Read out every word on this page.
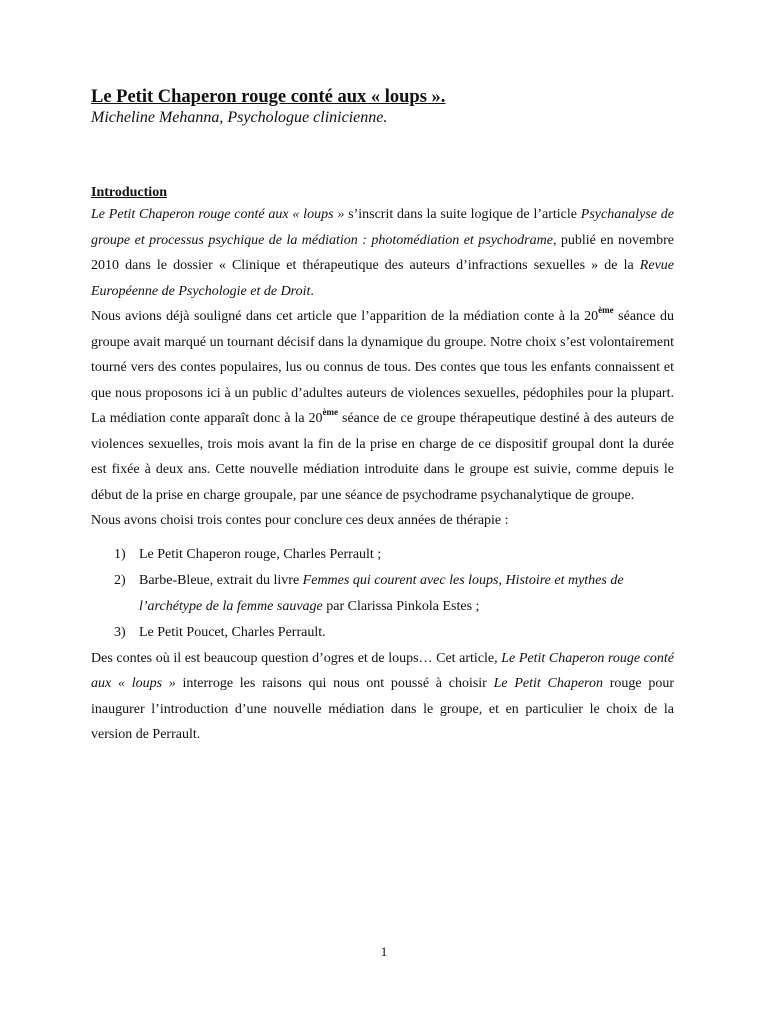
Le Petit Chaperon rouge conté aux « loups ».
Micheline Mehanna, Psychologue clinicienne.
Introduction

Le Petit Chaperon rouge conté aux « loups » s’inscrit dans la suite logique de l’article Psychanalyse de groupe et processus psychique de la médiation : photomédiation et psychodrame, publié en novembre 2010 dans le dossier « Clinique et thérapeutique des auteurs d’infractions sexuelles » de la Revue Européenne de Psychologie et de Droit.

Nous avions déjà souligné dans cet article que l’apparition de la médiation conte à la 20ème séance du groupe avait marqué un tournant décisif dans la dynamique du groupe. Notre choix s’est volontairement tourné vers des contes populaires, lus ou connus de tous. Des contes que tous les enfants connaissent et que nous proposons ici à un public d’adultes auteurs de violences sexuelles, pédophiles pour la plupart. La médiation conte apparaît donc à la 20ème séance de ce groupe thérapeutique destiné à des auteurs de violences sexuelles, trois mois avant la fin de la prise en charge de ce dispositif groupal dont la durée est fixée à deux ans. Cette nouvelle médiation introduite dans le groupe est suivie, comme depuis le début de la prise en charge groupale, par une séance de psychodrame psychanalytique de groupe.

Nous avons choisi trois contes pour conclure ces deux années de thérapie :

1) Le Petit Chaperon rouge, Charles Perrault ;
2) Barbe-Bleue, extrait du livre Femmes qui courent avec les loups, Histoire et mythes de l’archétype de la femme sauvage par Clarissa Pinkola Estes ;
3) Le Petit Poucet, Charles Perrault.

Des contes où il est beaucoup question d’ogres et de loups… Cet article, Le Petit Chaperon rouge conté aux « loups » interroge les raisons qui nous ont poussé à choisir Le Petit Chaperon rouge pour inaugurer l’introduction d’une nouvelle médiation dans le groupe, et en particulier le choix de la version de Perrault.

1
